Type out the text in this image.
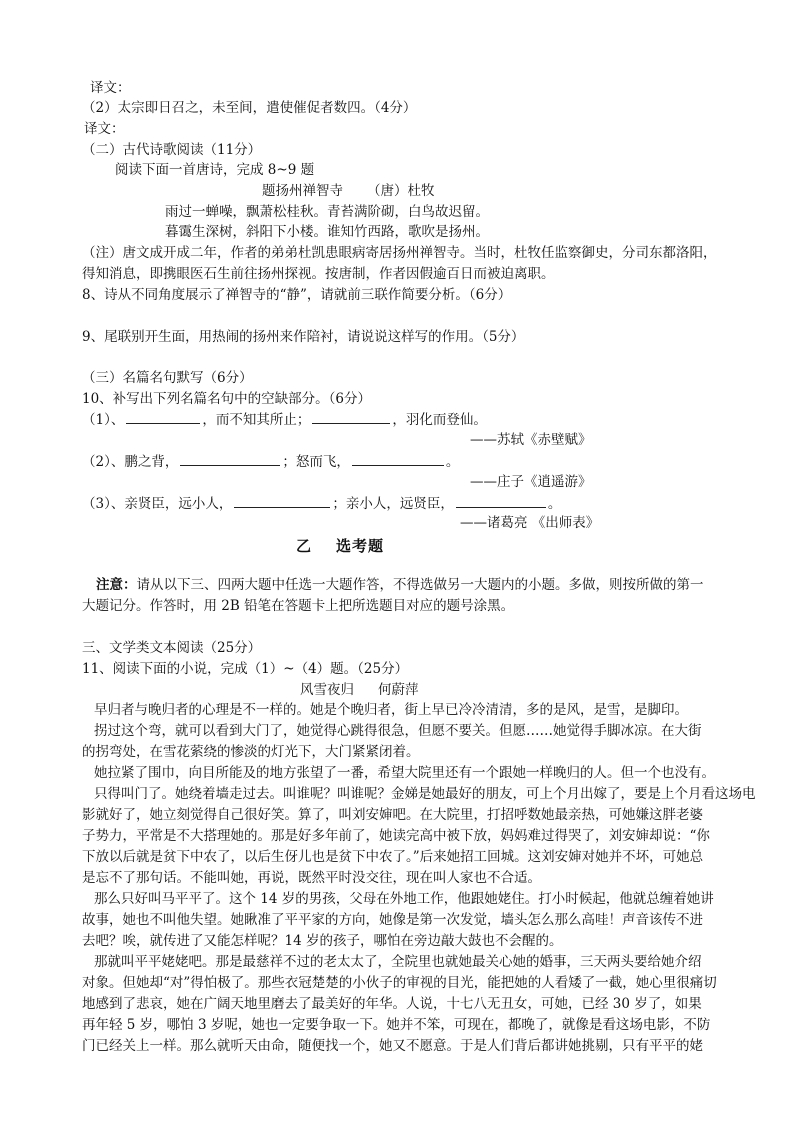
译文：
（2）太宗即日召之，未至间，遣使催促者数四。（4分）
译文：
（二）古代诗歌阅读（11分）
阅读下面一首唐诗，完成 8~9 题
题扬州禅智寺 （唐）杜牧
雨过一蝉噪，飘萧松桂秋。青苔满阶砌，白鸟故迟留。
暮霭生深树，斜阳下小楼。谁知竹西路，歌吹是扬州。
（注）唐文成开成二年，作者的弟弟杜凯患眼病寄居扬州禅智寺。当时，杜牧任监察御史，分司东都洛阳，
得知消息，即携眼医石生前往扬州探视。按唐制，作者因假逾百日而被迫离职。
8、诗从不同角度展示了禅智寺的“静”，请就前三联作简要分析。（6分）
9、尾联别开生面，用热闹的扬州来作陪衬，请说说这样写的作用。（5分）
（三）名篇名句默写（6分）
10、补写出下列名篇名句中的空缺部分。（6分）
（1）、	，而不知其所止；	，羽化而登仙。
——苏轼《赤壁赋》
（2）、鹏之背，	；怒而飞，	。
——庄子《逍遥游》
（3）、亲贤臣，远小人，	；亲小人，远贤臣，	。
——诸葛亮 《出师表》
乙 选考题
注意：请从以下三、四两大题中任选一大题作答，不得选做另一大题内的小题。多做，则按所做的第一
大题记分。作答时，用 2B 铅笔在答题卡上把所选题目对应的题号涂黑。
三、文学类文本阅读（25分）
11、阅读下面的小说，完成（1）~（4）题。（25分）
风雪夜归 何蔚萍
早归者与晚归者的心理是不一样的。她是个晚归者，街上早已冷冷清清，多的是风，是雪，是脚印。
拐过这个弯，就可以看到大门了，她觉得心跳得很急，但愿不要关。但愿……她觉得手脚冰凉。在大街
的拐弯处，在雪花萦绕的惨淡的灯光下，大门紧紧闭着。
她拉紧了围巾，向目所能及的地方张望了一番，希望大院里还有一个跟她一样晚归的人。但一个也没有。
只得叫门了。她绕着墙走过去。叫谁呢？叫谁呢？金娣是她最好的朋友，可上个月出嫁了，要是上个月看这场电
影就好了，她立刻觉得自己很好笑。算了，叫刘安婶吧。在大院里，打招呼数她最亲热，可她嫌这胖老婆
子势力，平常是不大搭理她的。那是好多年前了，她读完高中被下放，妈妈难过得哭了，刘安婶却说：“你
下放以后就是贫下中农了，以后生伢儿也是贫下中农了。”后来她招工回城。这刘安婶对她并不坏，可她总
是忘不了那句话。不能叫她，再说，既然平时没交往，现在叫人家也不合适。
那么只好叫马平平了。这个 14 岁的男孩，父母在外地工作，他跟她姥住。打小时候起，他就总缠着她讲
故事，她也不叫他失望。她瞅准了平平家的方向，她像是第一次发觉，墙头怎么那么高哇！声音该传不进
去吧？唉，就传进了又能怎样呢？14 岁的孩子，哪怕在旁边敲大鼓也不会醒的。
那就叫平平姥姥吧。那是最慈祥不过的老太太了，全院里也就她最关心她的婚事，三天两头要给她介绍
对象。但她却“对”得怕极了。那些衣冠楚楚的小伙子的审视的目光，能把她的人看矮了一截，她心里很痛切
地感到了悲哀，她在广阔天地里磨去了最美好的年华。人说，十七八无丑女，可她，已经 30 岁了，如果
再年轻 5 岁，哪怕 3 岁呢，她也一定要争取一下。她并不笨，可现在，都晚了，就像是看这场电影，不防
门已经关上一样。那么就听天由命，随便找一个，她又不愿意。于是人们背后都讲她挑剔，只有平平的姥
